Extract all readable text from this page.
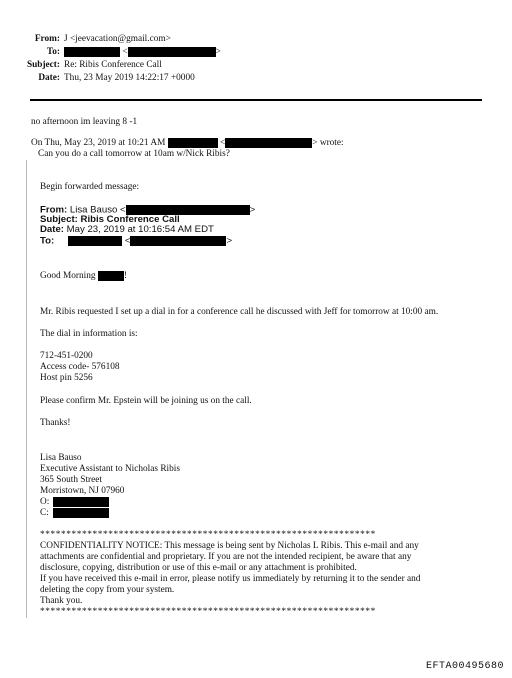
From: J <jeevacation@gmail.com>
To:	<	>
Subject: Re: Ribis Conference Call
Date: Thu, 23 May 2019 14:22:17 +0000
no afternoon im leaving 8 -1
On Thu, May 23, 2019 at 10:21 AM	<	> wrote:
Can you do a call tomorrow at 10am w/Nick Ribis?
Begin forwarded message:
From: Lisa Bauso <	>
Subject: Ribis Conference Call
Date: May 23, 2019 at 10:16:54 AM EDT
To:	<	>
Good Morning	!
Mr. Ribis requested I set up a dial in for a conference call he discussed with Jeff for tomorrow at 10:00 am.
The dial in information is:
712-451-0200
Access code- 576108
Host pin 5256
Please confirm Mr. Epstein will be joining us on the call.
Thanks!
Lisa Bauso
Executive Assistant to Nicholas Ribis
365 South Street
Morristown, NJ 07960
O:
C:
****************************************************************
CONFIDENTIALITY NOTICE: This message is being sent by Nicholas L Ribis. This e-mail and any
attachments are confidential and proprietary. If you are not the intended recipient, be aware that any
disclosure, copying, distribution or use of this e-mail or any attachment is prohibited.
If you have received this e-mail in error, please notify us immediately by returning it to the sender and
deleting the copy from your system.
Thank you.
****************************************************************
EFTA00495680
